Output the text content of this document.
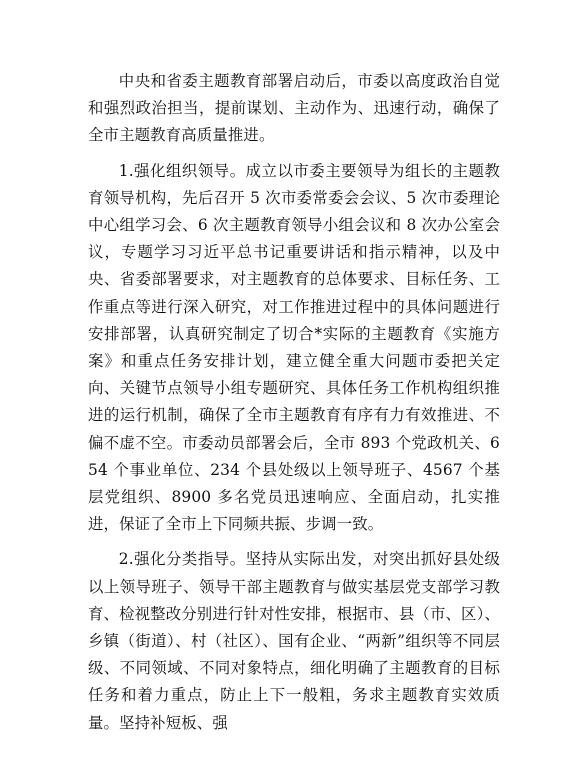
中央和省委主题教育部署启动后，市委以高度政治自觉和强烈政治担当，提前谋划、主动作为、迅速行动，确保了全市主题教育高质量推进。

1.强化组织领导。成立以市委主要领导为组长的主题教育领导机构，先后召开 5 次市委常委会会议、5 次市委理论中心组学习会、6 次主题教育领导小组会议和 8 次办公室会议，专题学习习近平总书记重要讲话和指示精神，以及中央、省委部署要求，对主题教育的总体要求、目标任务、工作重点等进行深入研究，对工作推进过程中的具体问题进行安排部署，认真研究制定了切合*实际的主题教育《实施方案》和重点任务安排计划，建立健全重大问题市委把关定向、关键节点领导小组专题研究、具体任务工作机构组织推进的运行机制，确保了全市主题教育有序有力有效推进、不偏不虚不空。市委动员部署会后，全市 893 个党政机关、654 个事业单位、234 个县处级以上领导班子、4567 个基层党组织、8900 多名党员迅速响应、全面启动，扎实推进，保证了全市上下同频共振、步调一致。

2.强化分类指导。坚持从实际出发，对突出抓好县处级以上领导班子、领导干部主题教育与做实基层党支部学习教育、检视整改分别进行针对性安排，根据市、县（市、区）、乡镇（街道）、村（社区）、国有企业、“两新”组织等不同层级、不同领域、不同对象特点，细化明确了主题教育的目标任务和着力重点，防止上下一般粗，务求主题教育实效质量。坚持补短板、强
